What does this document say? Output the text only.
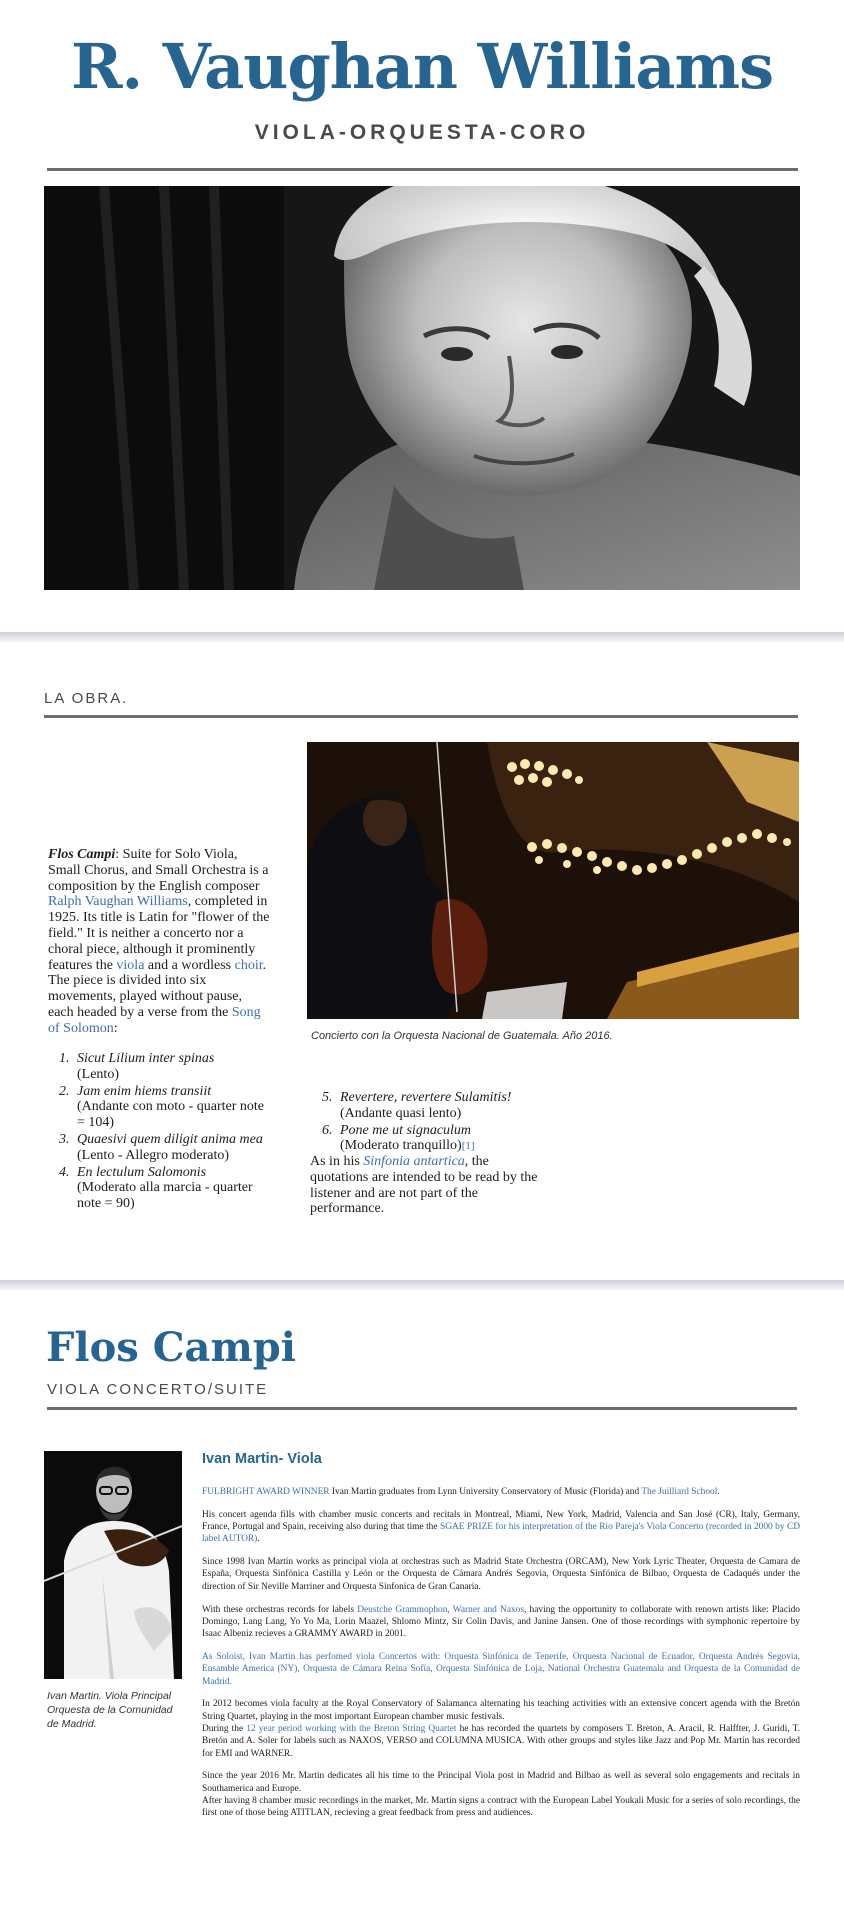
R. Vaughan Williams
VIOLA-ORQUESTA-CORO
LA OBRA.
Concierto con la Orquesta Nacional de Guatemala. Año 2016.
Flos Campi: Suite for Solo Viola, Small Chorus, and Small Orchestra is a composition by the English composer Ralph Vaughan Williams, completed in 1925. Its title is Latin for "flower of the field." It is neither a concerto nor a choral piece, although it prominently features the viola and a wordless choir. The piece is divided into six movements, played without pause, each headed by a verse from the Song of Solomon:
1. Sicut Lilium inter spinas
(Lento)
2. Jam enim hiems transiit
(Andante con moto - quarter note = 104)
3. Quaesivi quem diligit anima mea (Lento - Allegro moderato)
4. En lectulum Salomonis
(Moderato alla marcia - quarter note = 90)
5. Revertere, revertere Sulamitis!
(Andante quasi lento)
6. Pone me ut signaculum
(Moderato tranquillo)[1]
As in his Sinfonia antartica, the quotations are intended to be read by the listener and are not part of the performance.
Flos Campi
VIOLA CONCERTO/SUITE
Ivan Martin. Viola Principal Orquesta de la Comunidad de Madrid.
Ivan Martin- Viola

FULBRIGHT AWARD WINNER Ivan Martin graduates from Lynn University Conservatory of Music (Florida) and The Juilliard School.

His concert agenda fills with chamber music concerts and recitals in Montreal, Miami, New York, Madrid, Valencia and San José (CR), Italy, Germany, France, Portugal and Spain, receiving also during that time the SGAE PRIZE for his interpretation of the Rio Pareja's Viola Concerto (recorded in 2000 by CD label AUTOR).

Since 1998 Ivan Martín works as principal viola at orchestras such as Madrid State Orchestra (ORCAM), New York Lyric Theater, Orquesta de Camara de España, Orquesta Sinfónica Castilla y León or the Orquesta de Cámara Andrés Segovia, Orquesta Sinfónica de Bilbao, Orquesta de Cadaqués under the direction of Sir Neville Marriner and Orquesta Sinfonica de Gran Canaria.

With these orchestras records for labels Deustche Grammophon, Warner and Naxos, having the opportunity to collaborate with renown artists like: Placido Domingo, Lang Lang, Yo Yo Ma, Lorin Maazel, Shlomo Mintz, Sir Colin Davis, and Janine Jansen. One of those recordings with symphonic repertoire by Isaac Albeniz recieves a GRAMMY AWARD in 2001.

As Soloist, Ivan Martin has perfomed viola Concertos with: Orquesta Sinfónica de Tenerife, Orquesta Nacional de Ecuador, Orquesta Andrés Segovia, Ensamble America (NY), Orquesta de Cámara Reina Sofía, Orquesta Sinfónica de Loja, National Orchestra Guatemala and Orquesta de la Comunidad de Madrid.

In 2012 becomes viola faculty at the Royal Conservatory of Salamanca alternating his teaching activities with an extensive concert agenda with the Bretón String Quartet, playing in the most important European chamber music festivals.
During the 12 year period working with the Breton String Quartet he has recorded the quartets by composers T. Breton, A. Aracil, R. Halffter, J. Guridi, T. Bretón and A. Soler for labels such as NAXOS, VERSO and COLUMNA MUSICA. With other groups and styles like Jazz and Pop Mr. Martín has recorded for EMI and WARNER.

Since the year 2016 Mr. Martin dedicates all his time to the Principal Viola post in Madrid and Bilbao as well as several solo engagements and recitals in Southamerica and Europe.
After having 8 chamber music recordings in the market, Mr. Martin signs a contract with the European Label Youkali Music for a series of solo recordings, the first one of those being ATITLAN, recieving a great feedback from press and audiences.
